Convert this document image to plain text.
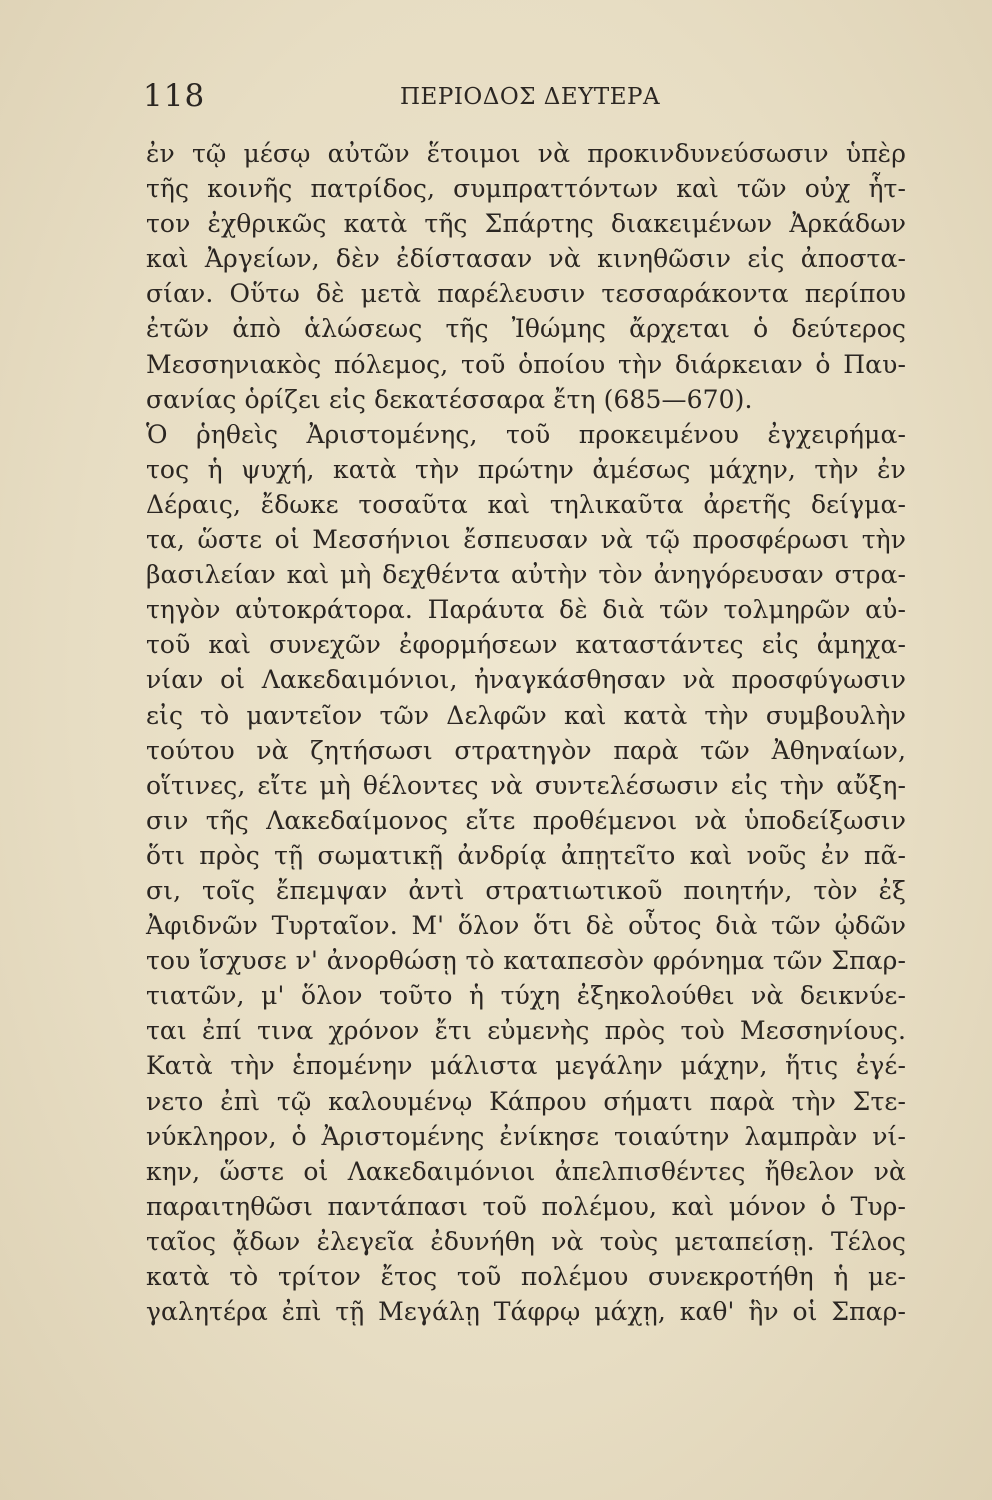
118	ΠΕΡΙΟΔΟΣ ΔΕΥΤΕΡΑ
ἐν τῷ μέσῳ αὐτῶν ἕτοιμοι νὰ προκινδυνεύσωσιν ὑπὲρ
τῆς κοινῆς πατρίδος, συμπραττόντων καὶ τῶν οὐχ ἧτ-
τον ἐχθρικῶς κατὰ τῆς Σπάρτης διακειμένων Ἀρκάδων
καὶ Ἀργείων, δὲν ἐδίστασαν νὰ κινηθῶσιν εἰς ἀποστα-
σίαν. Οὕτω δὲ μετὰ παρέλευσιν τεσσαράκοντα περίπου
ἐτῶν ἀπὸ ἁλώσεως τῆς Ἰθώμης ἄρχεται ὁ δεύτερος
Μεσσηνιακὸς πόλεμος, τοῦ ὁποίου τὴν διάρκειαν ὁ Παυ-
σανίας ὁρίζει εἰς δεκατέσσαρα ἔτη (685—670).
Ὁ ῥηθεὶς Ἀριστομένης, τοῦ προκειμένου ἐγχειρήμα-
τος ἡ ψυχή, κατὰ τὴν πρώτην ἀμέσως μάχην, τὴν ἐν
Δέραις, ἔδωκε τοσαῦτα καὶ τηλικαῦτα ἀρετῆς δείγμα-
τα, ὥστε οἱ Μεσσήνιοι ἔσπευσαν νὰ τῷ προσφέρωσι τὴν
βασιλείαν καὶ μὴ δεχθέντα αὐτὴν τὸν ἀνηγόρευσαν στρα-
τηγὸν αὐτοκράτορα. Παράυτα δὲ διὰ τῶν τολμηρῶν αὐ-
τοῦ καὶ συνεχῶν ἐφορμήσεων καταστάντες εἰς ἀμηχα-
νίαν οἱ Λακεδαιμόνιοι, ἠναγκάσθησαν νὰ προσφύγωσιν
εἰς τὸ μαντεῖον τῶν Δελφῶν καὶ κατὰ τὴν συμβουλὴν
τούτου νὰ ζητήσωσι στρατηγὸν παρὰ τῶν Ἀθηναίων,
οἵτινες, εἴτε μὴ θέλοντες νὰ συντελέσωσιν εἰς τὴν αὔξη-
σιν τῆς Λακεδαίμονος εἴτε προθέμενοι νὰ ὑποδείξωσιν
ὅτι πρὸς τῇ σωματικῇ ἀνδρίᾳ ἀπῃτεῖτο καὶ νοῦς ἐν πᾶ-
σι, τοῖς ἔπεμψαν ἀντὶ στρατιωτικοῦ ποιητήν, τὸν ἐξ
Ἀφιδνῶν Τυρταῖον. Μ' ὅλον ὅτι δὲ οὗτος διὰ τῶν ᾠδῶν
του ἴσχυσε ν' ἀνορθώσῃ τὸ καταπεσὸν φρόνημα τῶν Σπαρ-
τιατῶν, μ' ὅλον τοῦτο ἡ τύχη ἐξηκολούθει νὰ δεικνύε-
ται ἐπί τινα χρόνον ἔτι εὐμενὴς πρὸς τοὺ Μεσσηνίους.
Κατὰ τὴν ἑπομένην μάλιστα μεγάλην μάχην, ἥτις ἐγέ-
νετο ἐπὶ τῷ καλουμένῳ Κάπρου σήματι παρὰ τὴν Στε-
νύκληρον, ὁ Ἀριστομένης ἐνίκησε τοιαύτην λαμπρὰν νί-
κην, ὥστε οἱ Λακεδαιμόνιοι ἀπελπισθέντες ἤθελον νὰ
παραιτηθῶσι παντάπασι τοῦ πολέμου, καὶ μόνον ὁ Τυρ-
ταῖος ᾄδων ἐλεγεῖα ἐδυνήθη νὰ τοὺς μεταπείσῃ. Τέλος
κατὰ τὸ τρίτον ἔτος τοῦ πολέμου συνεκροτήθη ἡ με-
γαλητέρα ἐπὶ τῇ Μεγάλῃ Τάφρῳ μάχῃ, καθ' ἣν οἱ Σπαρ-
